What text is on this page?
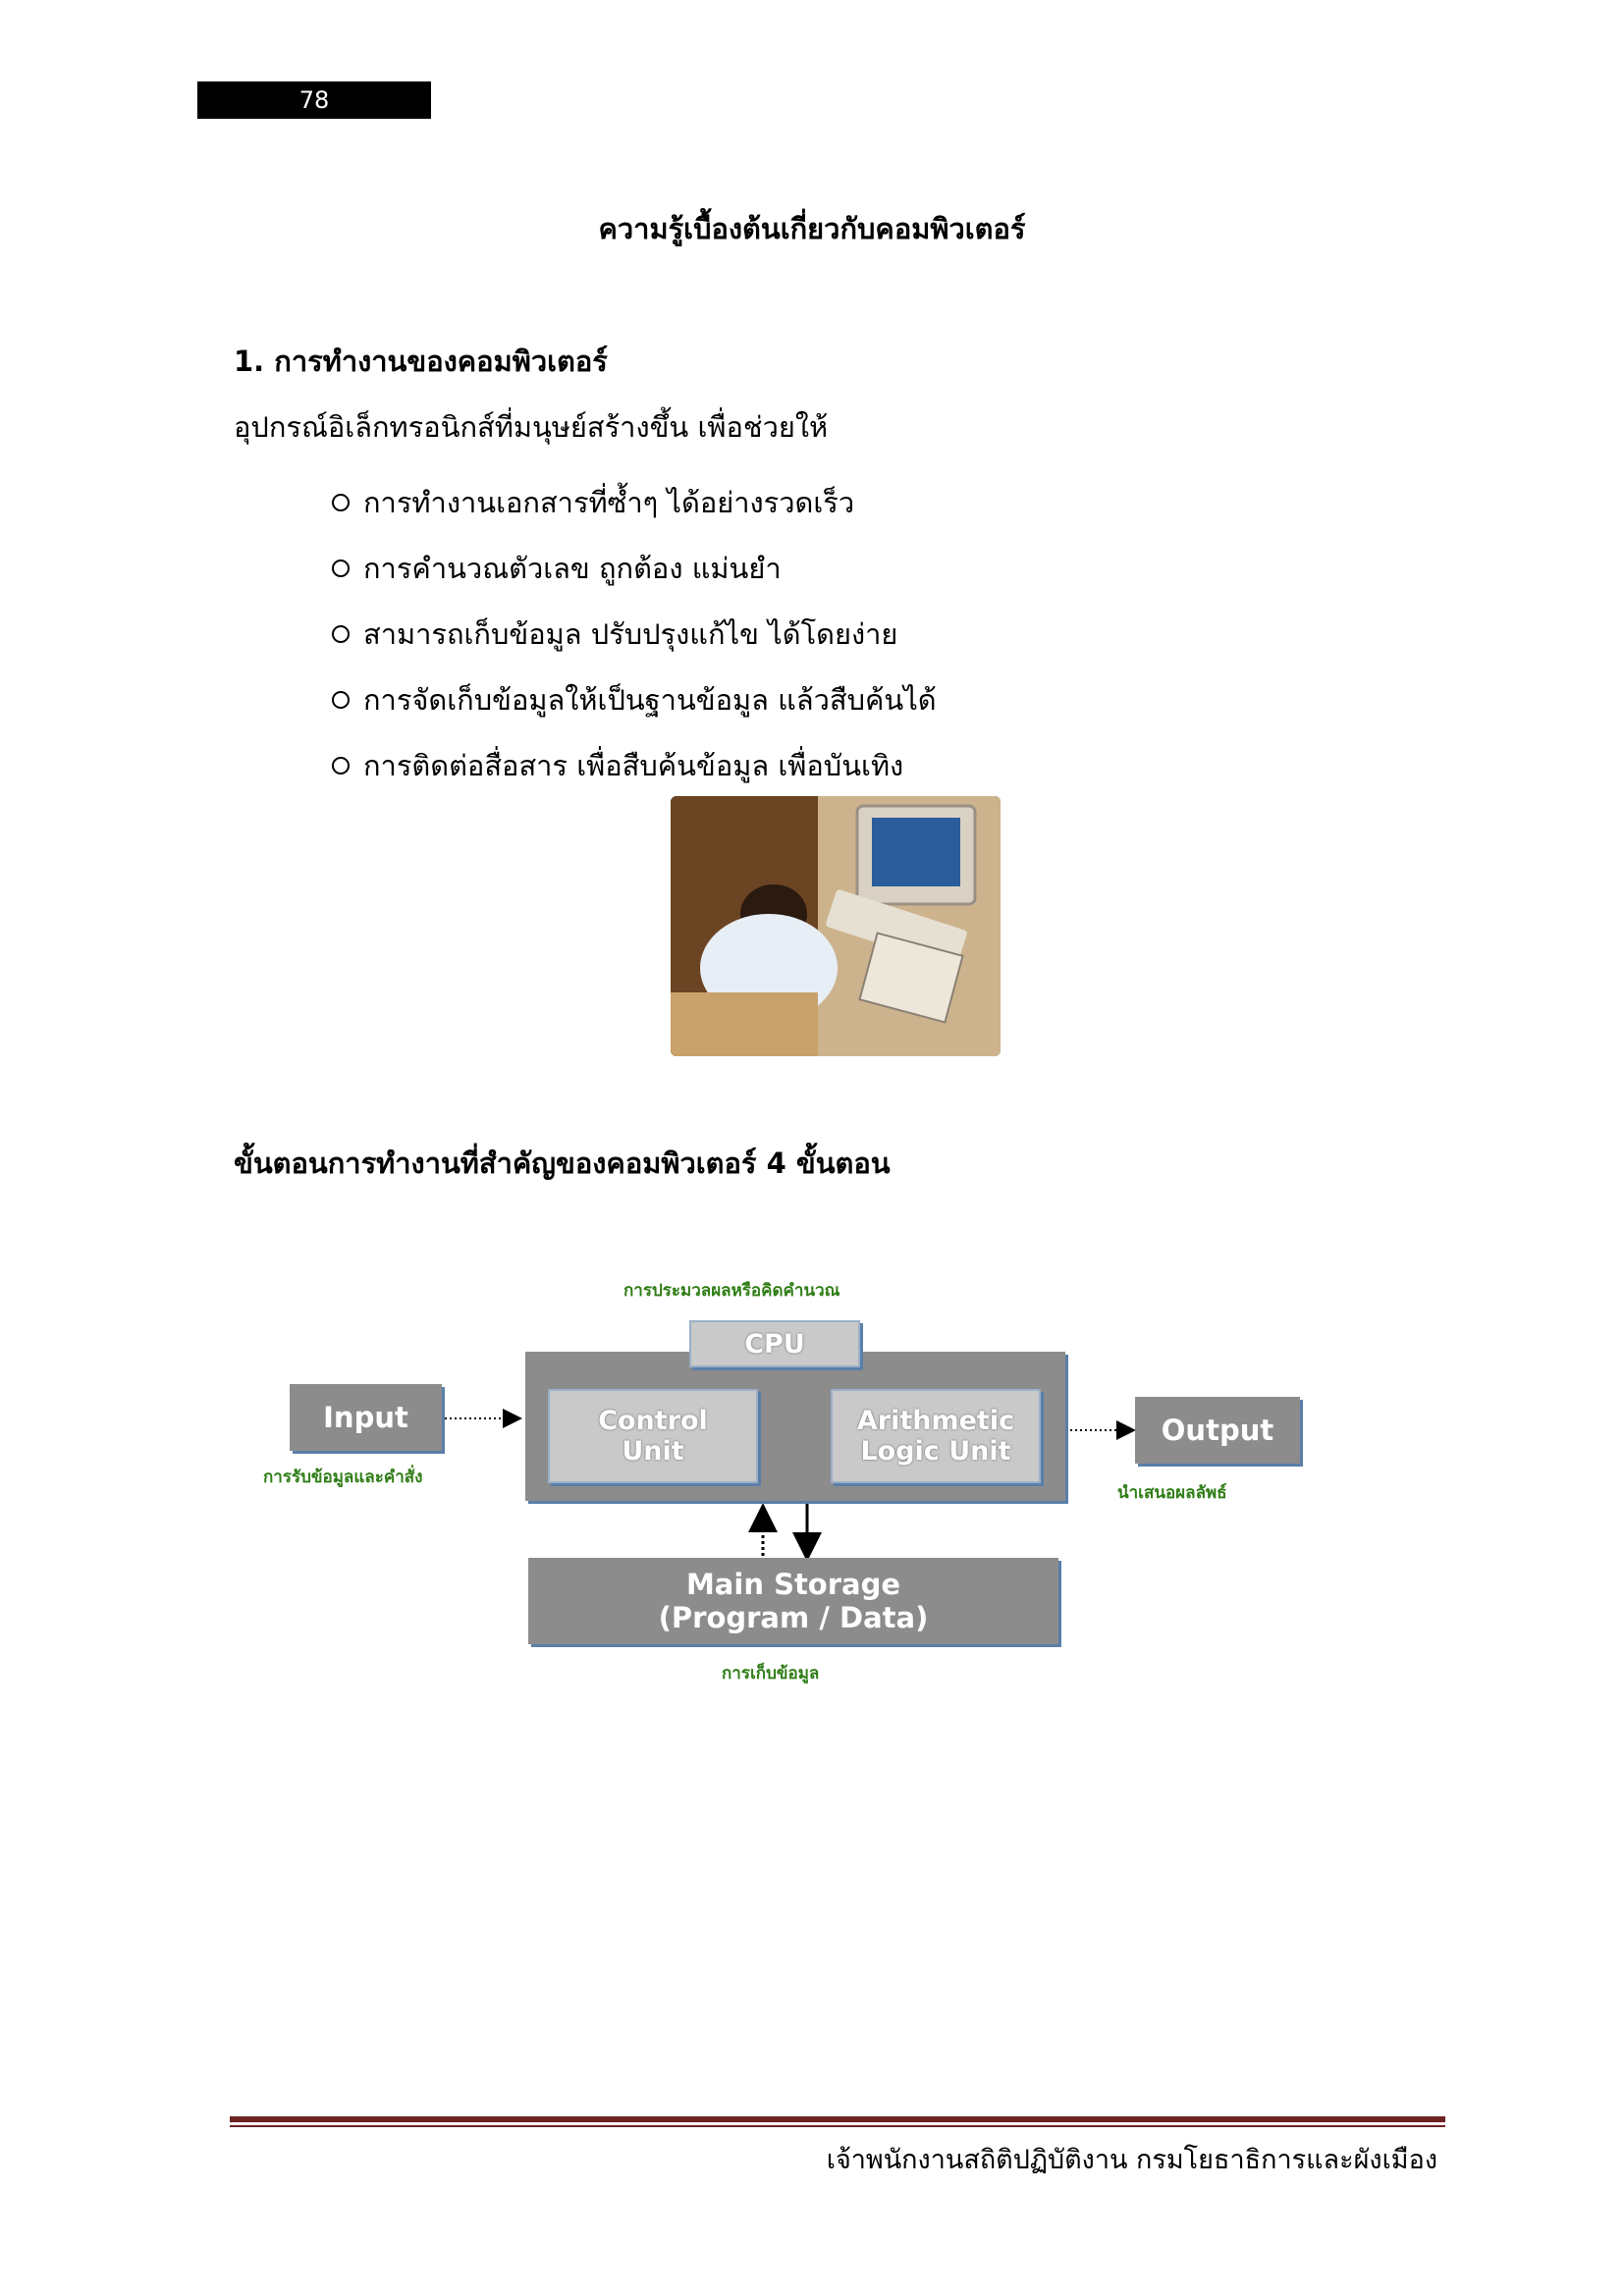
78
ความรู้เบื้องต้นเกี่ยวกับคอมพิวเตอร์
1. การทำงานของคอมพิวเตอร์
อุปกรณ์อิเล็กทรอนิกส์ที่มนุษย์สร้างขึ้น เพื่อช่วยให้
การทำงานเอกสารที่ซ้ำๆ ได้อย่างรวดเร็ว
การคำนวณตัวเลข ถูกต้อง แม่นยำ
สามารถเก็บข้อมูล ปรับปรุงแก้ไข ได้โดยง่าย
การจัดเก็บข้อมูลให้เป็นฐานข้อมูล แล้วสืบค้นได้
การติดต่อสื่อสาร เพื่อสืบค้นข้อมูล เพื่อบันเทิง
ขั้นตอนการทำงานที่สำคัญของคอมพิวเตอร์ 4 ขั้นตอน
การประมวลผลหรือคิดคำนวณ
CPU
Control
Unit
Arithmetic
Logic Unit
Input
การรับข้อมูลและคำสั่ง
Output
นำเสนอผลลัพธ์
Main Storage
(Program / Data)
การเก็บข้อมูล
เจ้าพนักงานสถิติปฏิบัติงาน กรมโยธาธิการและผังเมือง
